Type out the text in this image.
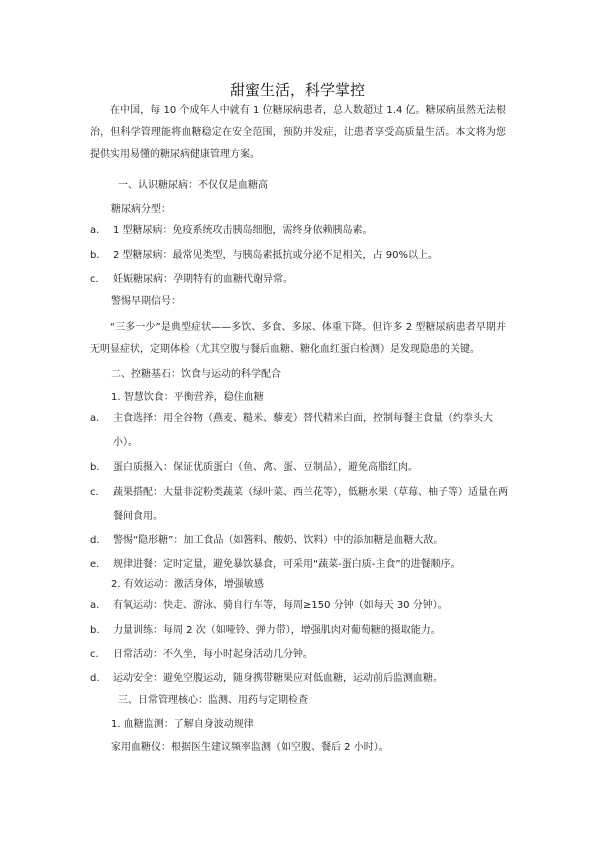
甜蜜生活，科学掌控
在中国，每 10 个成年人中就有 1 位糖尿病患者，总人数超过 1.4 亿。糖尿病虽然无法根治，但科学管理能将血糖稳定在安全范围，预防并发症，让患者享受高质量生活。本文将为您提供实用易懂的糖尿病健康管理方案。
一、认识糖尿病：不仅仅是血糖高
糖尿病分型：
a. 1 型糖尿病：免疫系统攻击胰岛细胞，需终身依赖胰岛素。
b. 2 型糖尿病：最常见类型，与胰岛素抵抗或分泌不足相关，占 90%以上。
c. 妊娠糖尿病：孕期特有的血糖代谢异常。
警惕早期信号：
“三多一少”是典型症状——多饮、多食、多尿、体重下降。但许多 2 型糖尿病患者早期并无明显症状，定期体检（尤其空腹与餐后血糖、糖化血红蛋白检测）是发现隐患的关键。
二、控糖基石：饮食与运动的科学配合
1. 智慧饮食：平衡营养，稳住血糖
a. 主食选择：用全谷物（燕麦、糙米、藜麦）替代精米白面，控制每餐主食量（约拳头大小）。
b. 蛋白质摄入：保证优质蛋白（鱼、禽、蛋、豆制品），避免高脂红肉。
c. 蔬果搭配：大量非淀粉类蔬菜（绿叶菜、西兰花等），低糖水果（草莓、柚子等）适量在两餐间食用。
d. 警惕“隐形糖”：加工食品（如酱料、酸奶、饮料）中的添加糖是血糖大敌。
e. 规律进餐：定时定量，避免暴饮暴食，可采用“蔬菜-蛋白质-主食”的进餐顺序。
2. 有效运动：激活身体，增强敏感
a. 有氧运动：快走、游泳、骑自行车等，每周≥150 分钟（如每天 30 分钟）。
b. 力量训练：每周 2 次（如哑铃、弹力带），增强肌肉对葡萄糖的摄取能力。
c. 日常活动：不久坐，每小时起身活动几分钟。
d. 运动安全：避免空腹运动，随身携带糖果应对低血糖，运动前后监测血糖。
三、日常管理核心：监测、用药与定期检查
1. 血糖监测：了解自身波动规律
家用血糖仪：根据医生建议频率监测（如空腹、餐后 2 小时）。
